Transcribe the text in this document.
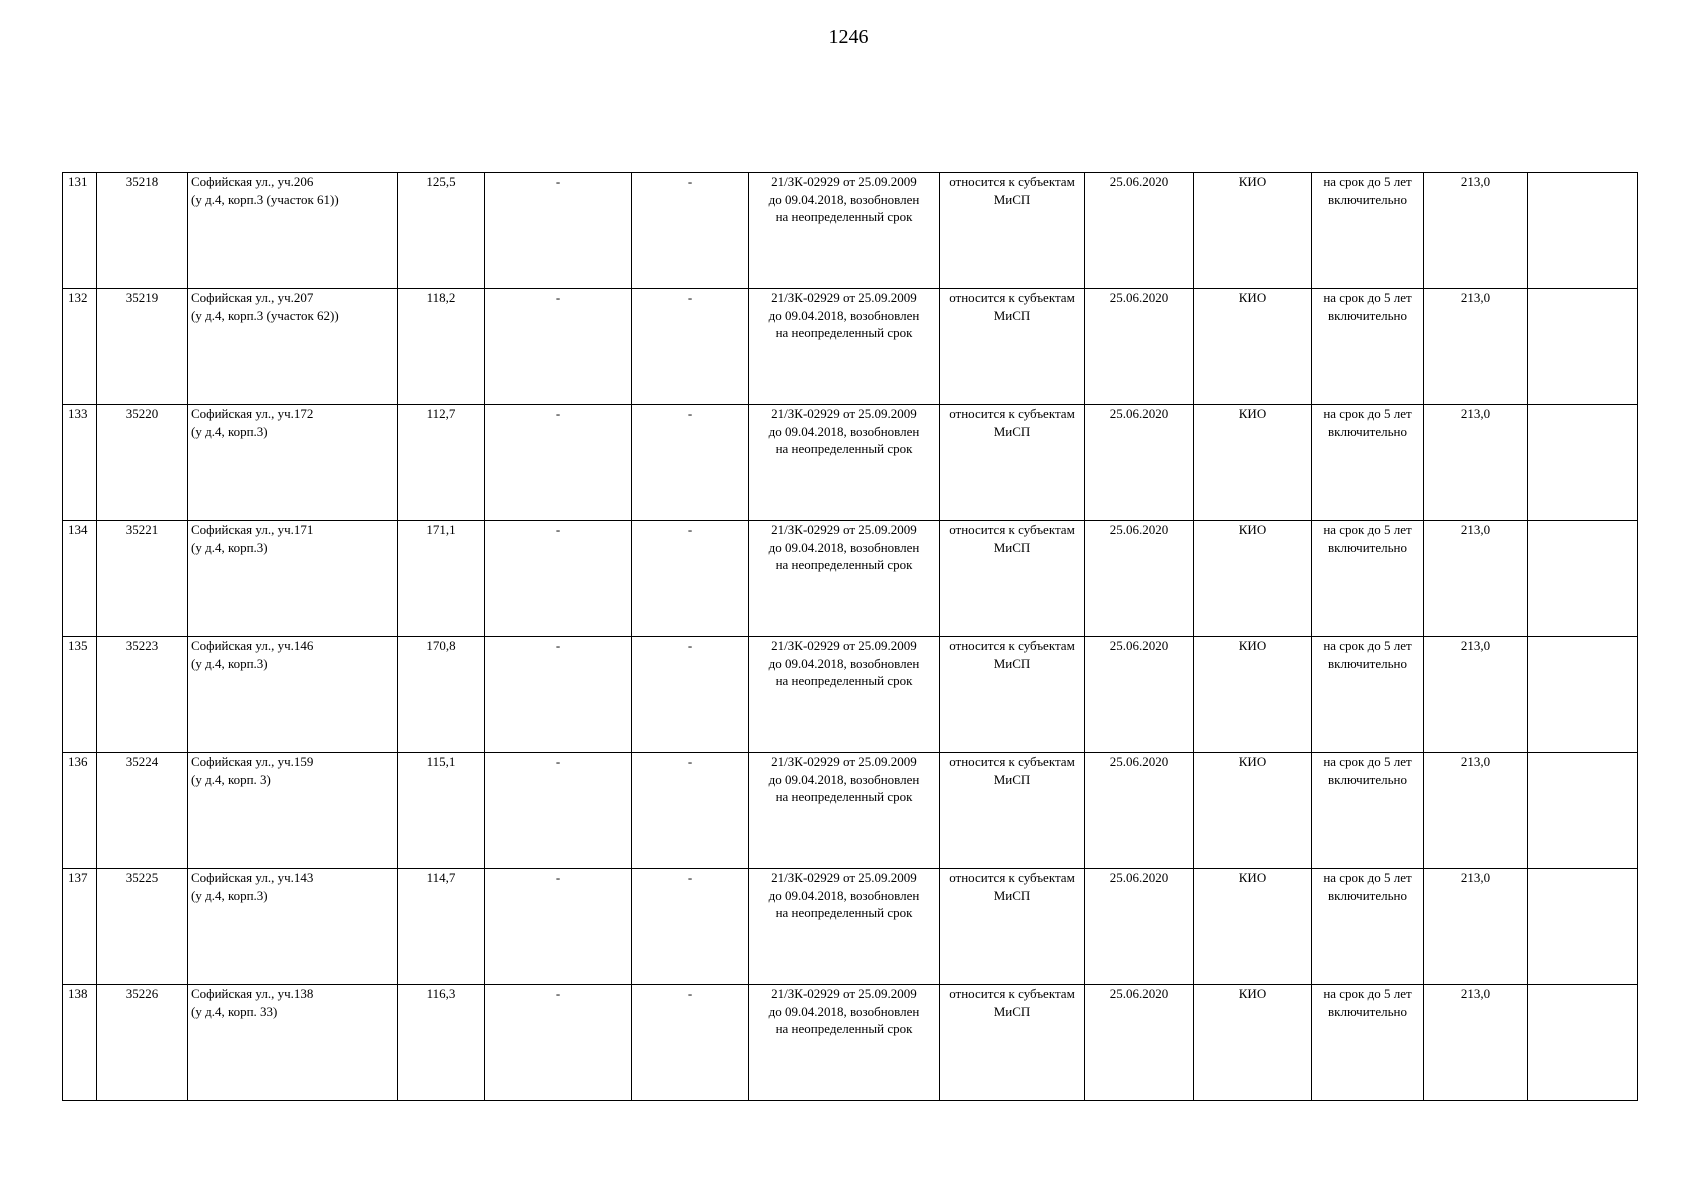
1246
131	35218	Софийская ул., уч.206
(у д.4, корп.3 (участок 61))	125,5	-	-	21/ЗК-02929 от 25.09.2009
до 09.04.2018, возобновлен
на неопределенный срок	относится к субъектам
МиСП	25.06.2020	КИО	на срок до 5 лет
включительно	213,0	

132	35219	Софийская ул., уч.207
(у д.4, корп.3 (участок 62))	118,2	-	-	21/ЗК-02929 от 25.09.2009
до 09.04.2018, возобновлен
на неопределенный срок	относится к субъектам
МиСП	25.06.2020	КИО	на срок до 5 лет
включительно	213,0	

133	35220	Софийская ул., уч.172
(у д.4, корп.3)	112,7	-	-	21/ЗК-02929 от 25.09.2009
до 09.04.2018, возобновлен
на неопределенный срок	относится к субъектам
МиСП	25.06.2020	КИО	на срок до 5 лет
включительно	213,0	

134	35221	Софийская ул., уч.171
(у д.4, корп.3)	171,1	-	-	21/ЗК-02929 от 25.09.2009
до 09.04.2018, возобновлен
на неопределенный срок	относится к субъектам
МиСП	25.06.2020	КИО	на срок до 5 лет
включительно	213,0	

135	35223	Софийская ул., уч.146
(у д.4, корп.3)	170,8	-	-	21/ЗК-02929 от 25.09.2009
до 09.04.2018, возобновлен
на неопределенный срок	относится к субъектам
МиСП	25.06.2020	КИО	на срок до 5 лет
включительно	213,0	

136	35224	Софийская ул., уч.159
(у д.4, корп. 3)	115,1	-	-	21/ЗК-02929 от 25.09.2009
до 09.04.2018, возобновлен
на неопределенный срок	относится к субъектам
МиСП	25.06.2020	КИО	на срок до 5 лет
включительно	213,0	

137	35225	Софийская ул., уч.143
(у д.4, корп.3)	114,7	-	-	21/ЗК-02929 от 25.09.2009
до 09.04.2018, возобновлен
на неопределенный срок	относится к субъектам
МиСП	25.06.2020	КИО	на срок до 5 лет
включительно	213,0	

138	35226	Софийская ул., уч.138
(у д.4, корп. 33)	116,3	-	-	21/ЗК-02929 от 25.09.2009
до 09.04.2018, возобновлен
на неопределенный срок	относится к субъектам
МиСП	25.06.2020	КИО	на срок до 5 лет
включительно	213,0	
